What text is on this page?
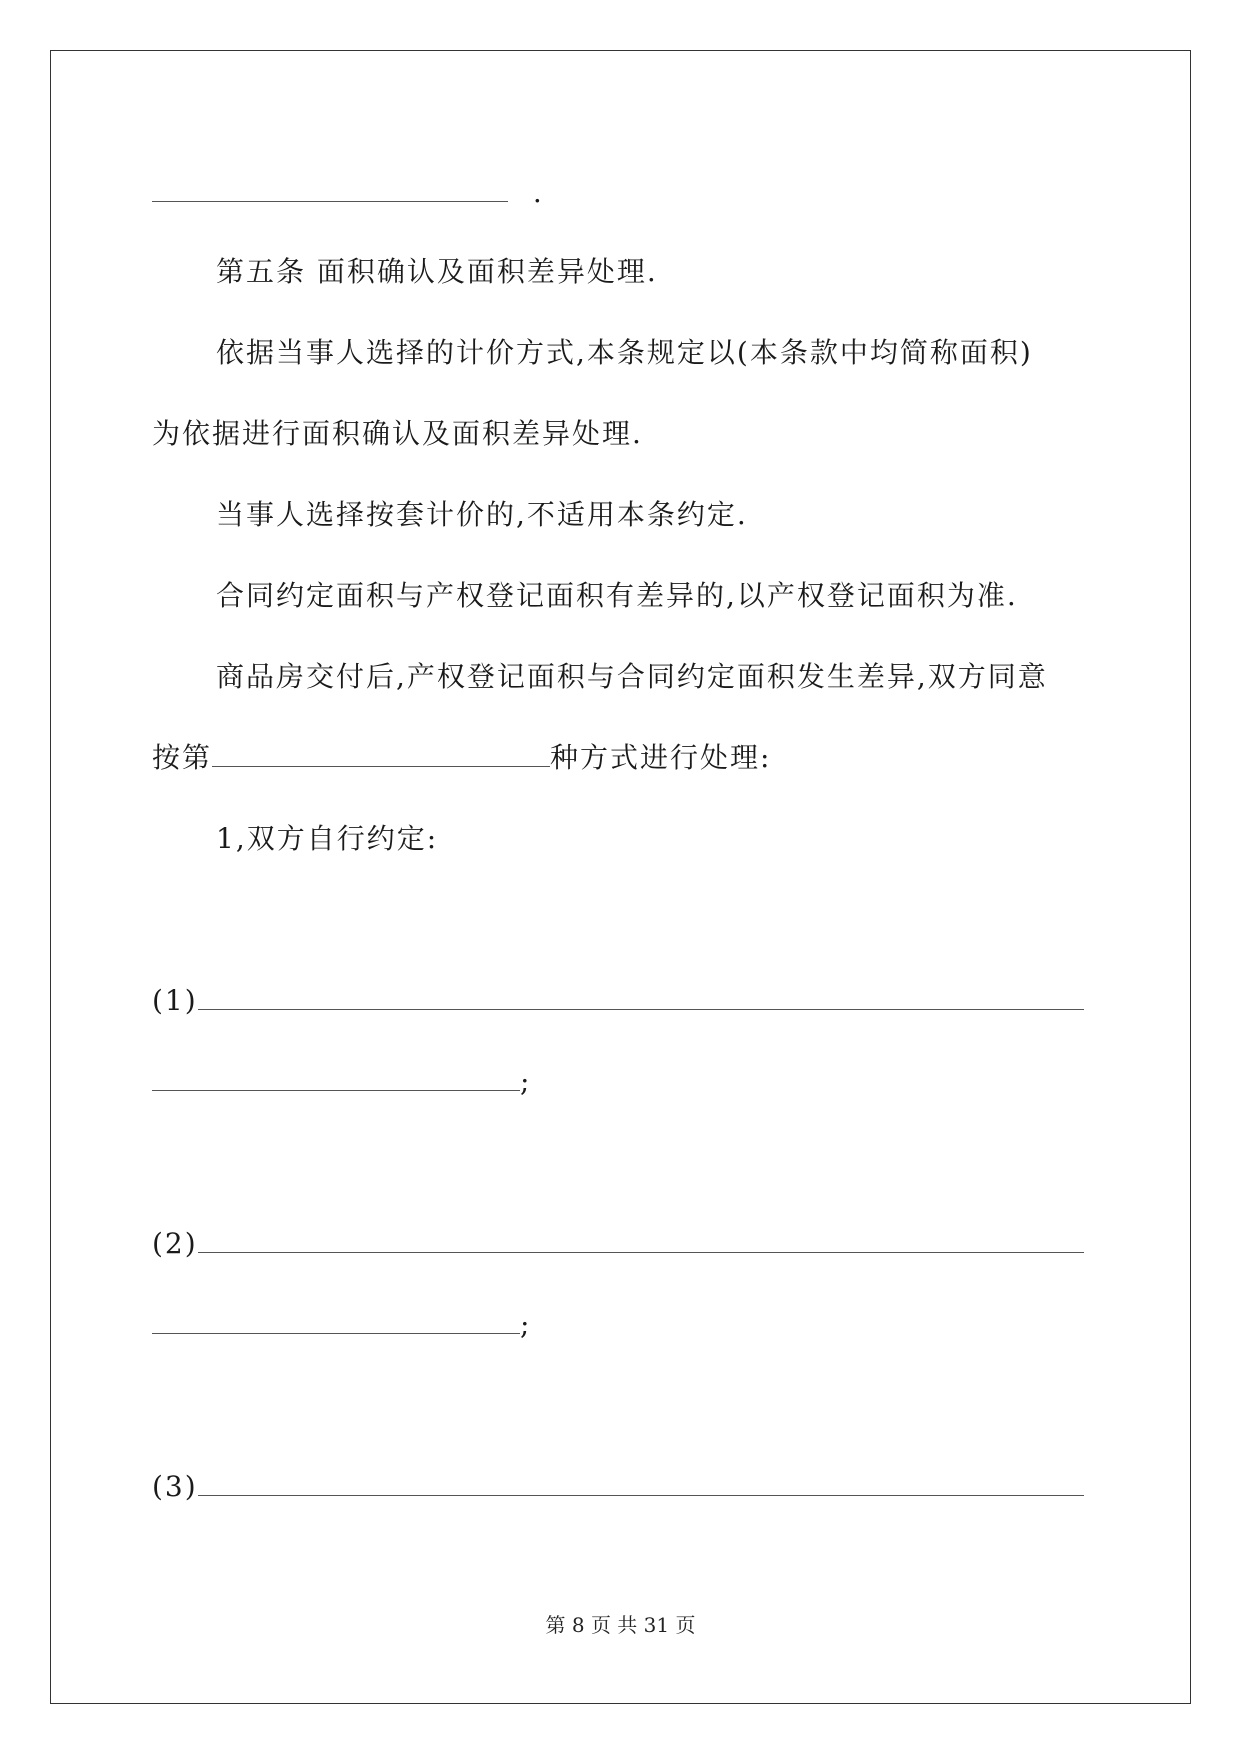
.
第五条 面积确认及面积差异处理.
依据当事人选择的计价方式,本条规定以(本条款中均简称面积)
为依据进行面积确认及面积差异处理.
当事人选择按套计价的,不适用本条约定.
合同约定面积与产权登记面积有差异的,以产权登记面积为准.
商品房交付后,产权登记面积与合同约定面积发生差异,双方同意
按第	种方式进行处理:
1,双方自行约定:
(1)
;
(2)
;
(3)
第 8 页 共 31 页
